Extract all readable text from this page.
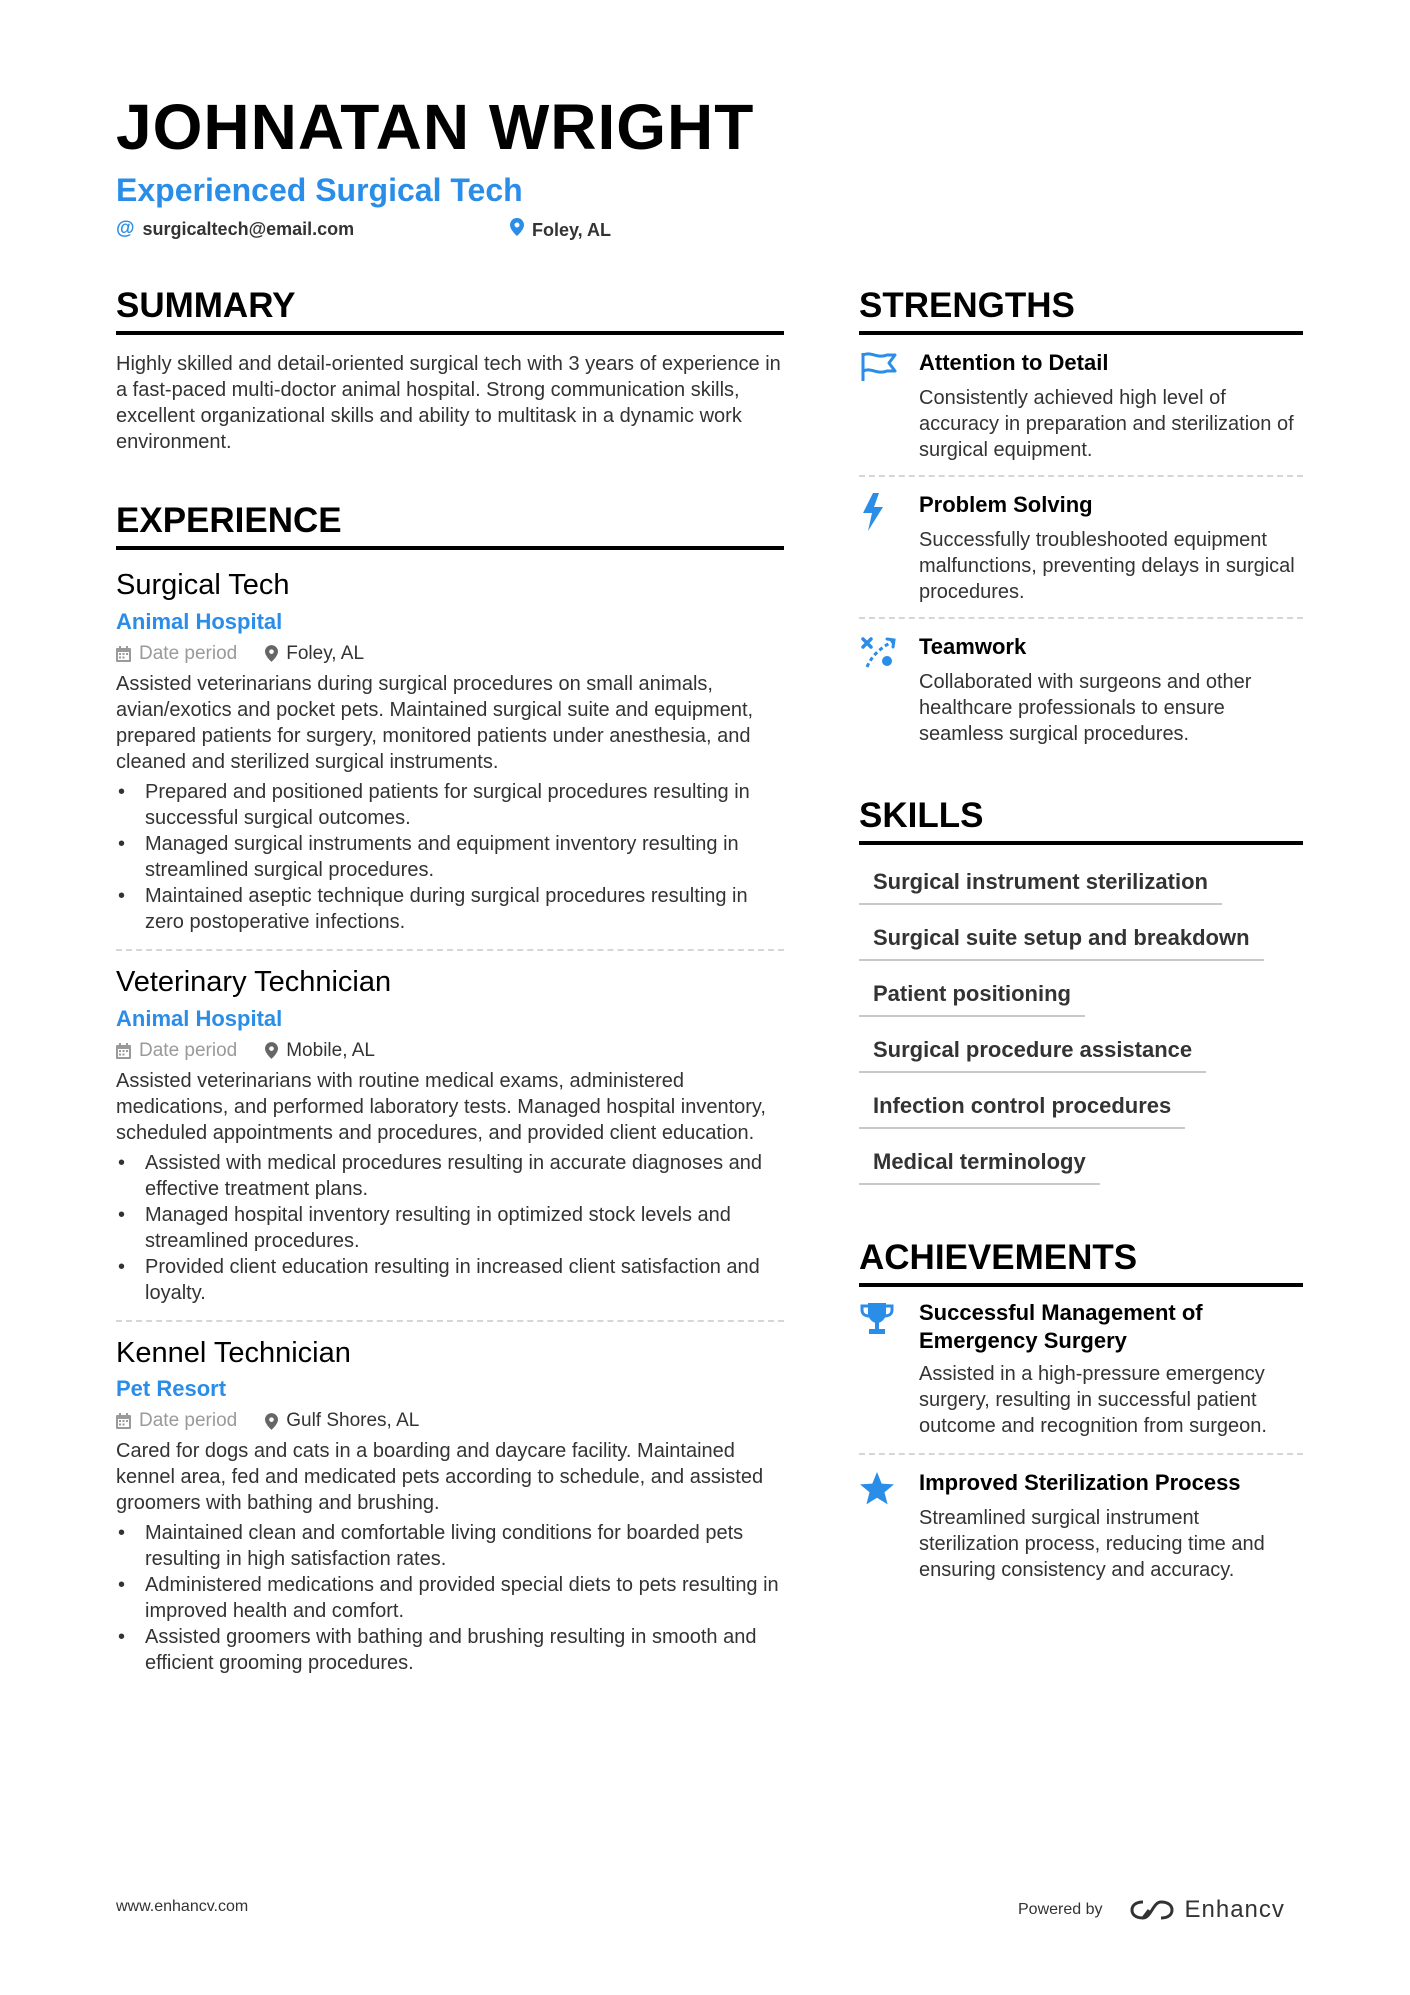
JOHNATAN WRIGHT
Experienced Surgical Tech
@ surgicaltech@email.com	Foley, AL
SUMMARY

Highly skilled and detail-oriented surgical tech with 3 years of experience in a fast-paced multi-doctor animal hospital. Strong communication skills, excellent organizational skills and ability to multitask in a dynamic work environment.

EXPERIENCE
Surgical Tech
Animal Hospital
Date period	Foley, AL

Assisted veterinarians during surgical procedures on small animals, avian/exotics and pocket pets. Maintained surgical suite and equipment, prepared patients for surgery, monitored patients under anesthesia, and cleaned and sterilized surgical instruments.

• Prepared and positioned patients for surgical procedures resulting in successful surgical outcomes.
• Managed surgical instruments and equipment inventory resulting in streamlined surgical procedures.
• Maintained aseptic technique during surgical procedures resulting in zero postoperative infections.
Veterinary Technician
Animal Hospital
Date period	Mobile, AL

Assisted veterinarians with routine medical exams, administered medications, and performed laboratory tests. Managed hospital inventory, scheduled appointments and procedures, and provided client education.

• Assisted with medical procedures resulting in accurate diagnoses and effective treatment plans.
• Managed hospital inventory resulting in optimized stock levels and streamlined procedures.
• Provided client education resulting in increased client satisfaction and loyalty.
Kennel Technician
Pet Resort
Date period	Gulf Shores, AL

Cared for dogs and cats in a boarding and daycare facility. Maintained kennel area, fed and medicated pets according to schedule, and assisted groomers with bathing and brushing.

• Maintained clean and comfortable living conditions for boarded pets resulting in high satisfaction rates.
• Administered medications and provided special diets to pets resulting in improved health and comfort.
• Assisted groomers with bathing and brushing resulting in smooth and efficient grooming procedures.
STRENGTHS
Attention to Detail

Consistently achieved high level of accuracy in preparation and sterilization of surgical equipment.

Problem Solving

Successfully troubleshooted equipment malfunctions, preventing delays in surgical procedures.

Teamwork

Collaborated with surgeons and other healthcare professionals to ensure seamless surgical procedures.

SKILLS
Surgical instrument sterilization
Surgical suite setup and breakdown
Patient positioning
Surgical procedure assistance
Infection control procedures
Medical terminology
ACHIEVEMENTS
Successful Management of Emergency Surgery

Assisted in a high-pressure emergency surgery, resulting in successful patient outcome and recognition from surgeon.

Improved Sterilization Process

Streamlined surgical instrument sterilization process, reducing time and ensuring consistency and accuracy.

www.enhancv.com	Powered by	Enhancv
